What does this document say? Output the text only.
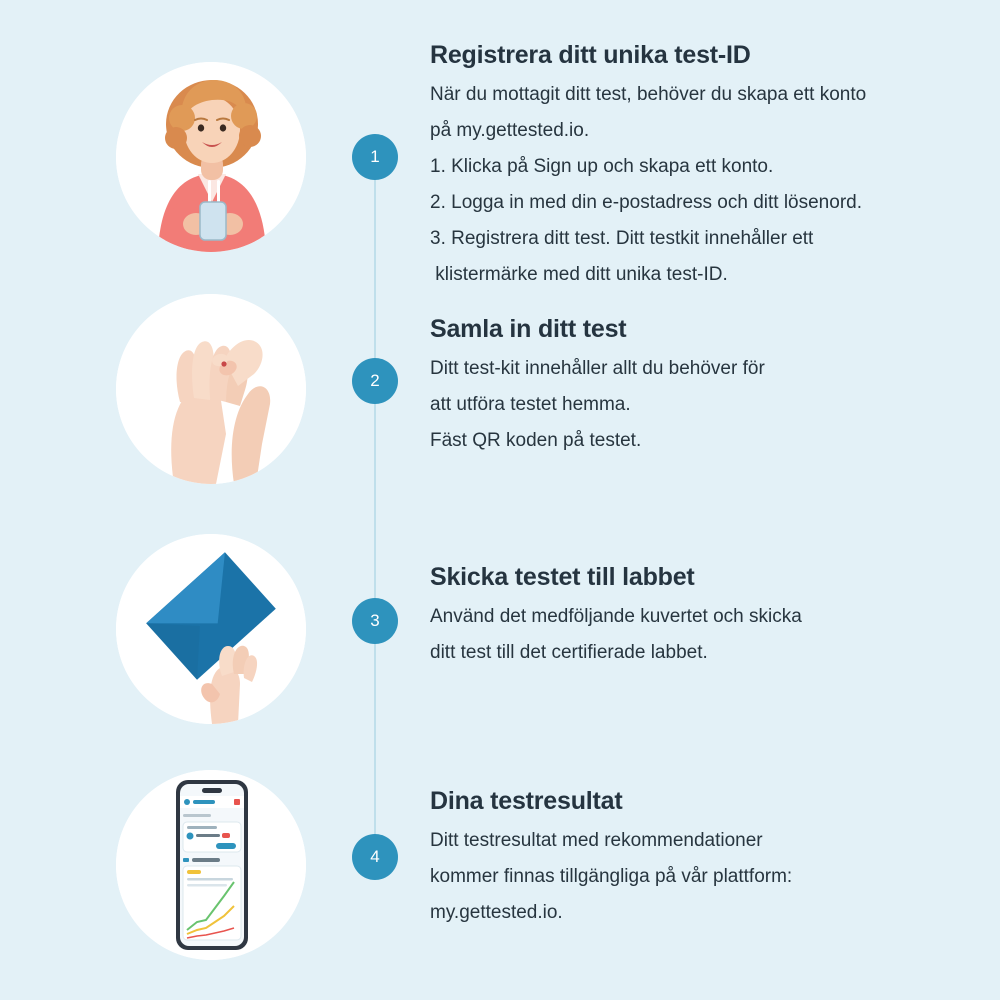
1
Registrera ditt unika test-ID
När du mottagit ditt test, behöver du skapa ett konto
på my.gettested.io.
1. Klicka på Sign up och skapa ett konto.
2. Logga in med din e-postadress och ditt lösenord.
3. Registrera ditt test. Ditt testkit innehåller ett
klistermärke med ditt unika test-ID.
2
Samla in ditt test
Ditt test-kit innehåller allt du behöver för
att utföra testet hemma.
Fäst QR koden på testet.
3
Skicka testet till labbet
Använd det medföljande kuvertet och skicka
ditt test till det certifierade labbet.
4
Dina testresultat
Ditt testresultat med rekommendationer
kommer finnas tillgängliga på vår plattform:
my.gettested.io.
